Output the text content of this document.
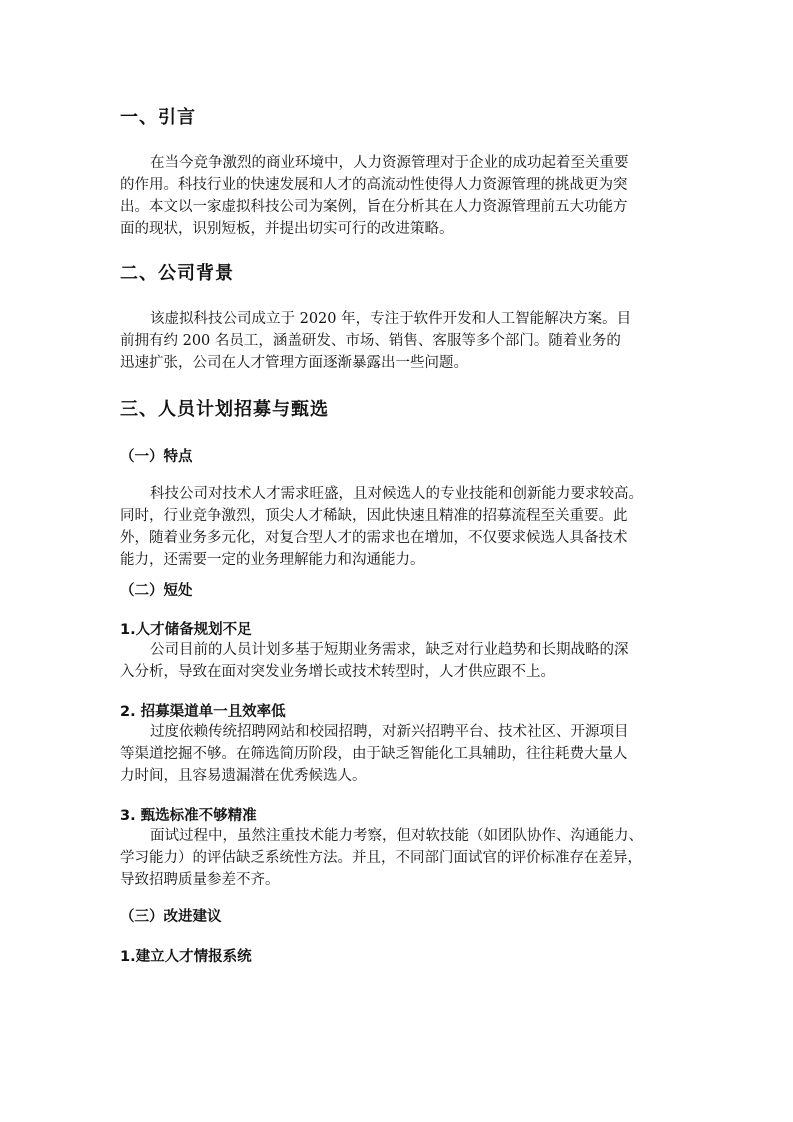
一、引言
在当今竞争激烈的商业环境中，人力资源管理对于企业的成功起着至关重要
的作用。科技行业的快速发展和人才的高流动性使得人力资源管理的挑战更为突
出。本文以一家虚拟科技公司为案例，旨在分析其在人力资源管理前五大功能方
面的现状，识别短板，并提出切实可行的改进策略。
二、公司背景
该虚拟科技公司成立于 2020 年，专注于软件开发和人工智能解决方案。目
前拥有约 200 名员工，涵盖研发、市场、销售、客服等多个部门。随着业务的
迅速扩张，公司在人才管理方面逐渐暴露出一些问题。
三、人员计划招募与甄选
（一）特点
科技公司对技术人才需求旺盛，且对候选人的专业技能和创新能力要求较高。
同时，行业竞争激烈，顶尖人才稀缺，因此快速且精准的招募流程至关重要。此
外，随着业务多元化，对复合型人才的需求也在增加，不仅要求候选人具备技术
能力，还需要一定的业务理解能力和沟通能力。
（二）短处
1.人才储备规划不足
公司目前的人员计划多基于短期业务需求，缺乏对行业趋势和长期战略的深
入分析，导致在面对突发业务增长或技术转型时，人才供应跟不上。
2. 招募渠道单一且效率低
过度依赖传统招聘网站和校园招聘，对新兴招聘平台、技术社区、开源项目
等渠道挖掘不够。在筛选简历阶段，由于缺乏智能化工具辅助，往往耗费大量人
力时间，且容易遗漏潜在优秀候选人。
3. 甄选标准不够精准
面试过程中，虽然注重技术能力考察，但对软技能（如团队协作、沟通能力、
学习能力）的评估缺乏系统性方法。并且，不同部门面试官的评价标准存在差异，
导致招聘质量参差不齐。
（三）改进建议
1.建立人才情报系统
